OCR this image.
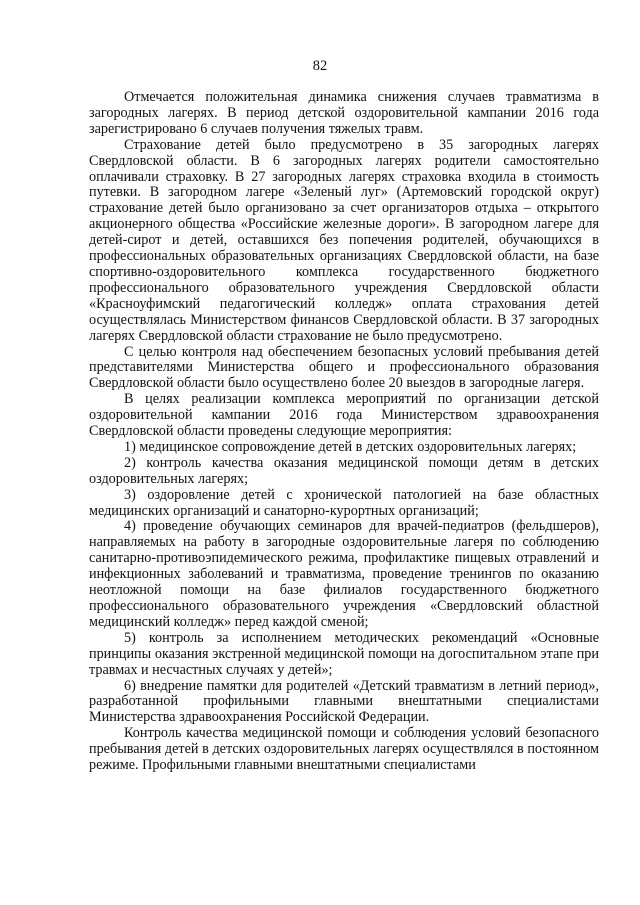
82

Отмечается положительная динамика снижения случаев травматизма в загородных лагерях. В период детской оздоровительной кампании 2016 года зарегистрировано 6 случаев получения тяжелых травм.

Страхование детей было предусмотрено в 35 загородных лагерях Свердловской области. В 6 загородных лагерях родители самостоятельно оплачивали страховку. В 27 загородных лагерях страховка входила в стоимость путевки. В загородном лагере «Зеленый луг» (Артемовский городской округ) страхование детей было организовано за счет организаторов отдыха – открытого акционерного общества «Российские железные дороги». В загородном лагере для детей-сирот и детей, оставшихся без попечения родителей, обучающихся в профессиональных образовательных организациях Свердловской области, на базе спортивно-оздоровительного комплекса государственного бюджетного профессионального образовательного учреждения Свердловской области «Красноуфимский педагогический колледж» оплата страхования детей осуществлялась Министерством финансов Свердловской области. В 37 загородных лагерях Свердловской области страхование не было предусмотрено.

С целью контроля над обеспечением безопасных условий пребывания детей представителями Министерства общего и профессионального образования Свердловской области было осуществлено более 20 выездов в загородные лагеря.

В целях реализации комплекса мероприятий по организации детской оздоровительной кампании 2016 года Министерством здравоохранения Свердловской области проведены следующие мероприятия:

1) медицинское сопровождение детей в детских оздоровительных лагерях;

2) контроль качества оказания медицинской помощи детям в детских оздоровительных лагерях;

3) оздоровление детей с хронической патологией на базе областных медицинских организаций и санаторно-курортных организаций;

4) проведение обучающих семинаров для врачей-педиатров (фельдшеров), направляемых на работу в загородные оздоровительные лагеря по соблюдению санитарно-противоэпидемического режима, профилактике пищевых отравлений и инфекционных заболеваний и травматизма, проведение тренингов по оказанию неотложной помощи на базе филиалов государственного бюджетного профессионального образовательного учреждения «Свердловский областной медицинский колледж» перед каждой сменой;

5) контроль за исполнением методических рекомендаций «Основные принципы оказания экстренной медицинской помощи на догоспитальном этапе при травмах и несчастных случаях у детей»;

6) внедрение памятки для родителей «Детский травматизм в летний период», разработанной профильными главными внештатными специалистами Министерства здравоохранения Российской Федерации.

Контроль качества медицинской помощи и соблюдения условий безопасного пребывания детей в детских оздоровительных лагерях осуществлялся в постоянном режиме. Профильными главными внештатными специалистами
